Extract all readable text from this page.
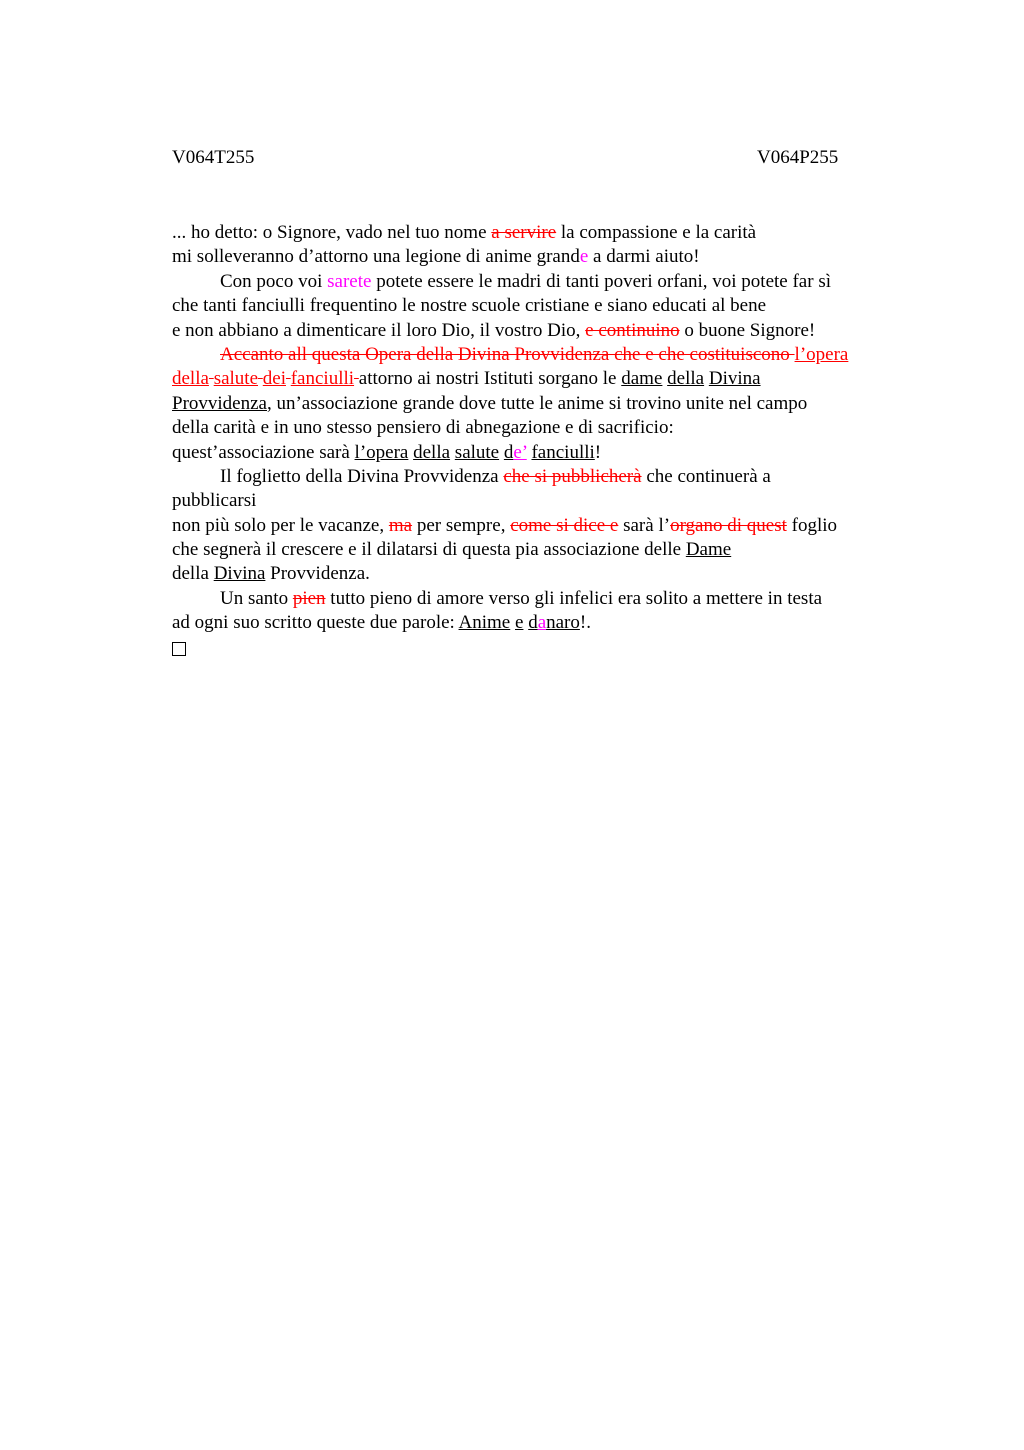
V064T255	V064P255
... ho detto: o Signore, vado nel tuo nome a servire la compassione e la carità
mi solleveranno d’attorno una legione di anime grande a darmi aiuto!
Con poco voi sarete potete essere le madri di tanti poveri orfani, voi potete far sì
che tanti fanciulli frequentino le nostre scuole cristiane e siano educati al bene
e non abbiano a dimenticare il loro Dio, il vostro Dio, e continuino o buone Signore!
Accanto all questa Opera della Divina Provvidenza che e che costituiscono l’opera
della salute dei fanciulli attorno ai nostri Istituti sorgano le dame della Divina
Provvidenza, un’associazione grande dove tutte le anime si trovino unite nel campo
della carità e in uno stesso pensiero di abnegazione e di sacrificio:
quest’associazione sarà l’opera della salute de’ fanciulli!
Il foglietto della Divina Provvidenza che si pubblicherà che continuerà a
pubblicarsi
non più solo per le vacanze, ma per sempre, come si dice e sarà l’organo di quest foglio
che segnerà il crescere e il dilatarsi di questa pia associazione delle Dame
della Divina Provvidenza.
Un santo pien tutto pieno di amore verso gli infelici era solito a mettere in testa
ad ogni suo scritto queste due parole: Anime e danaro!.
